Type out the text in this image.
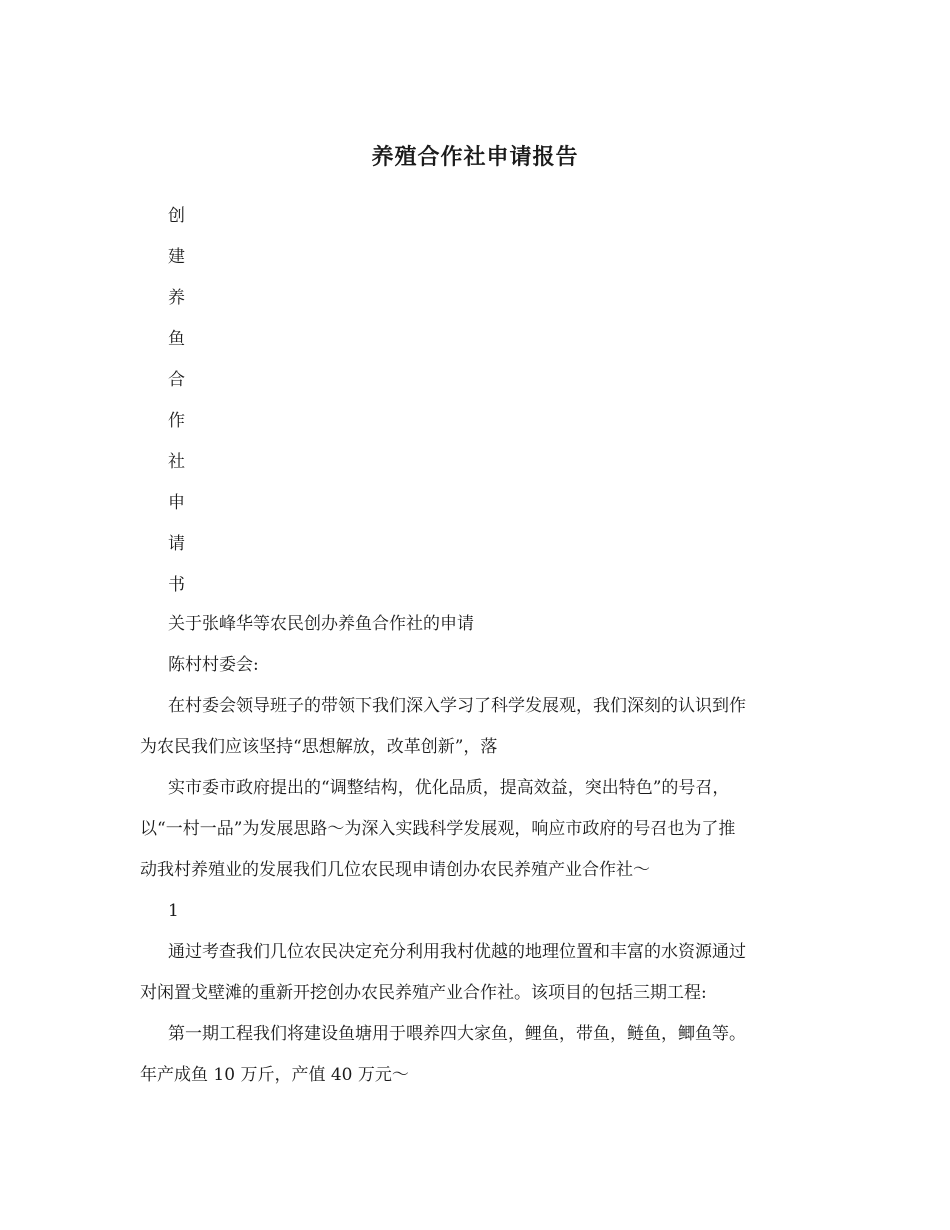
养殖合作社申请报告
创
建
养
鱼
合
作
社
申
请
书
关于张峰华等农民创办养鱼合作社的申请
陈村村委会:
在村委会领导班子的带领下我们深入学习了科学发展观，我们深刻的认识到作
为农民我们应该坚持“思想解放，改革创新”，落
实市委市政府提出的“调整结构，优化品质，提高效益，突出特色”的号召，
以“一村一品”为发展思路～为深入实践科学发展观，响应市政府的号召也为了推
动我村养殖业的发展我们几位农民现申请创办农民养殖产业合作社～
1
通过考查我们几位农民决定充分利用我村优越的地理位置和丰富的水资源通过
对闲置戈壁滩的重新开挖创办农民养殖产业合作社。该项目的包括三期工程:
第一期工程我们将建设鱼塘用于喂养四大家鱼，鲤鱼，带鱼，鲢鱼，鲫鱼等。
年产成鱼 10 万斤，产值 40 万元～
